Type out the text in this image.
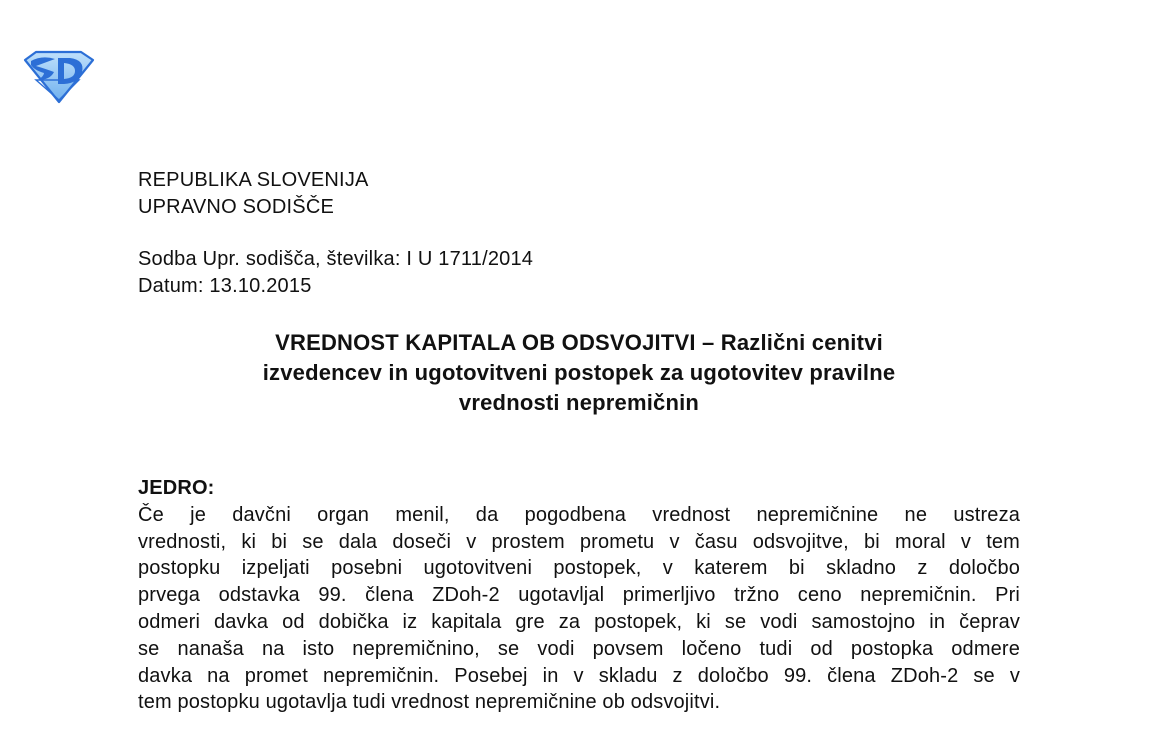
REPUBLIKA SLOVENIJA
UPRAVNO SODIŠČE
Sodba Upr. sodišča, številka: I U 1711/2014
Datum: 13.10.2015
VREDNOST KAPITALA OB ODSVOJITVI – Različni cenitvi
izvedencev in ugotovitveni postopek za ugotovitev pravilne
vrednosti nepremičnin
JEDRO:
Če je davčni organ menil, da pogodbena vrednost nepremičnine ne ustreza
vrednosti, ki bi se dala doseči v prostem prometu v času odsvojitve, bi moral v tem
postopku izpeljati posebni ugotovitveni postopek, v katerem bi skladno z določbo
prvega odstavka 99. člena ZDoh-2 ugotavljal primerljivo tržno ceno nepremičnin. Pri
odmeri davka od dobička iz kapitala gre za postopek, ki se vodi samostojno in čeprav
se nanaša na isto nepremičnino, se vodi povsem ločeno tudi od postopka odmere
davka na promet nepremičnin. Posebej in v skladu z določbo 99. člena ZDoh-2 se v
tem postopku ugotavlja tudi vrednost nepremičnine ob odsvojitvi.
